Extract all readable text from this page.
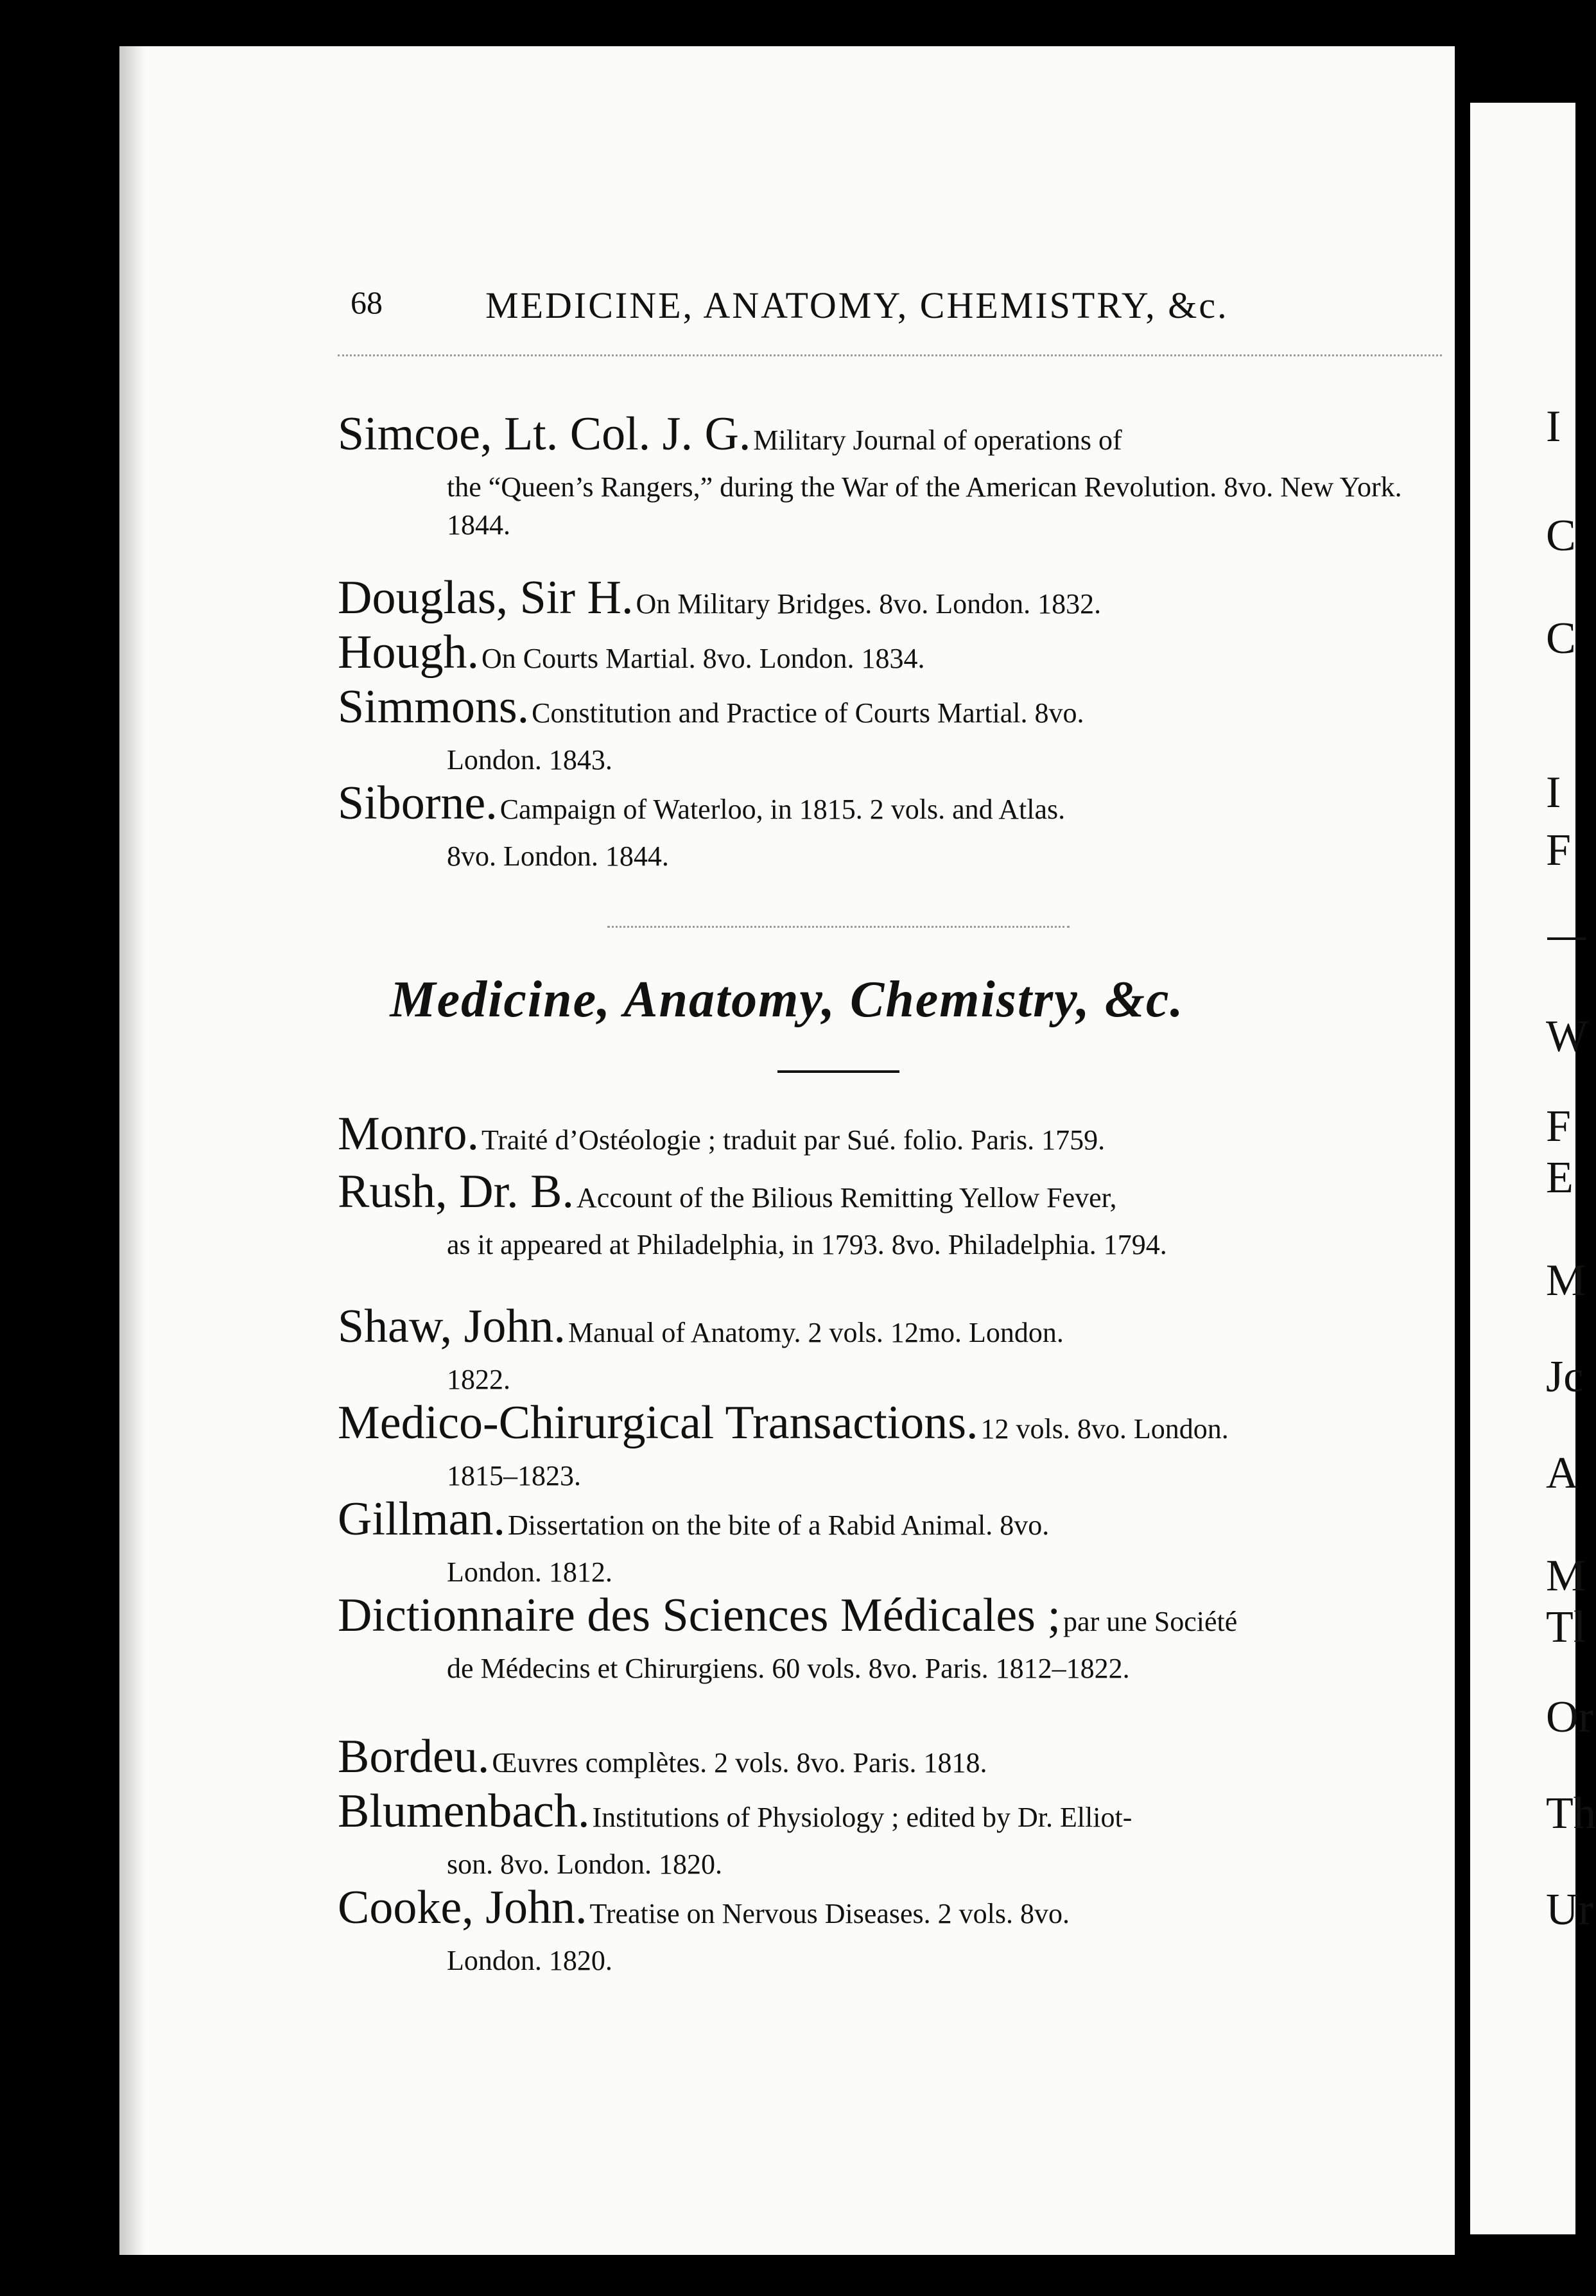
68	MEDICINE, ANATOMY, CHEMISTRY, &c.
Simcoe, Lt. Col. J. G. Military Journal of operations of
the “Queen’s Rangers,” during the War of the American Revolution. 8vo. New York. 1844.
Douglas, Sir H. On Military Bridges. 8vo. London. 1832.
Hough. On Courts Martial. 8vo. London. 1834.
Simmons. Constitution and Practice of Courts Martial. 8vo.
London. 1843.
Siborne. Campaign of Waterloo, in 1815. 2 vols. and Atlas.
8vo. London. 1844.
Medicine, Anatomy, Chemistry, &c.
Monro. Traité d’Ostéologie ; traduit par Sué. folio. Paris. 1759.
Rush, Dr. B. Account of the Bilious Remitting Yellow Fever,
as it appeared at Philadelphia, in 1793. 8vo. Philadelphia. 1794.
Shaw, John. Manual of Anatomy. 2 vols. 12mo. London.
1822.
Medico-Chirurgical Transactions. 12 vols. 8vo. London.
1815–1823.
Gillman. Dissertation on the bite of a Rabid Animal. 8vo.
London. 1812.
Dictionnaire des Sciences Médicales ; par une Société
de Médecins et Chirurgiens. 60 vols. 8vo. Paris. 1812–1822.
Bordeu. Œuvres complètes. 2 vols. 8vo. Paris. 1818.
Blumenbach. Institutions of Physiology ; edited by Dr. Elliot-
son. 8vo. London. 1820.
Cooke, John. Treatise on Nervous Diseases. 2 vols. 8vo.
London. 1820.
I
C
C
I
F
W
F
E
M
Jc
A
M
Tl
Or
Th
Ur
